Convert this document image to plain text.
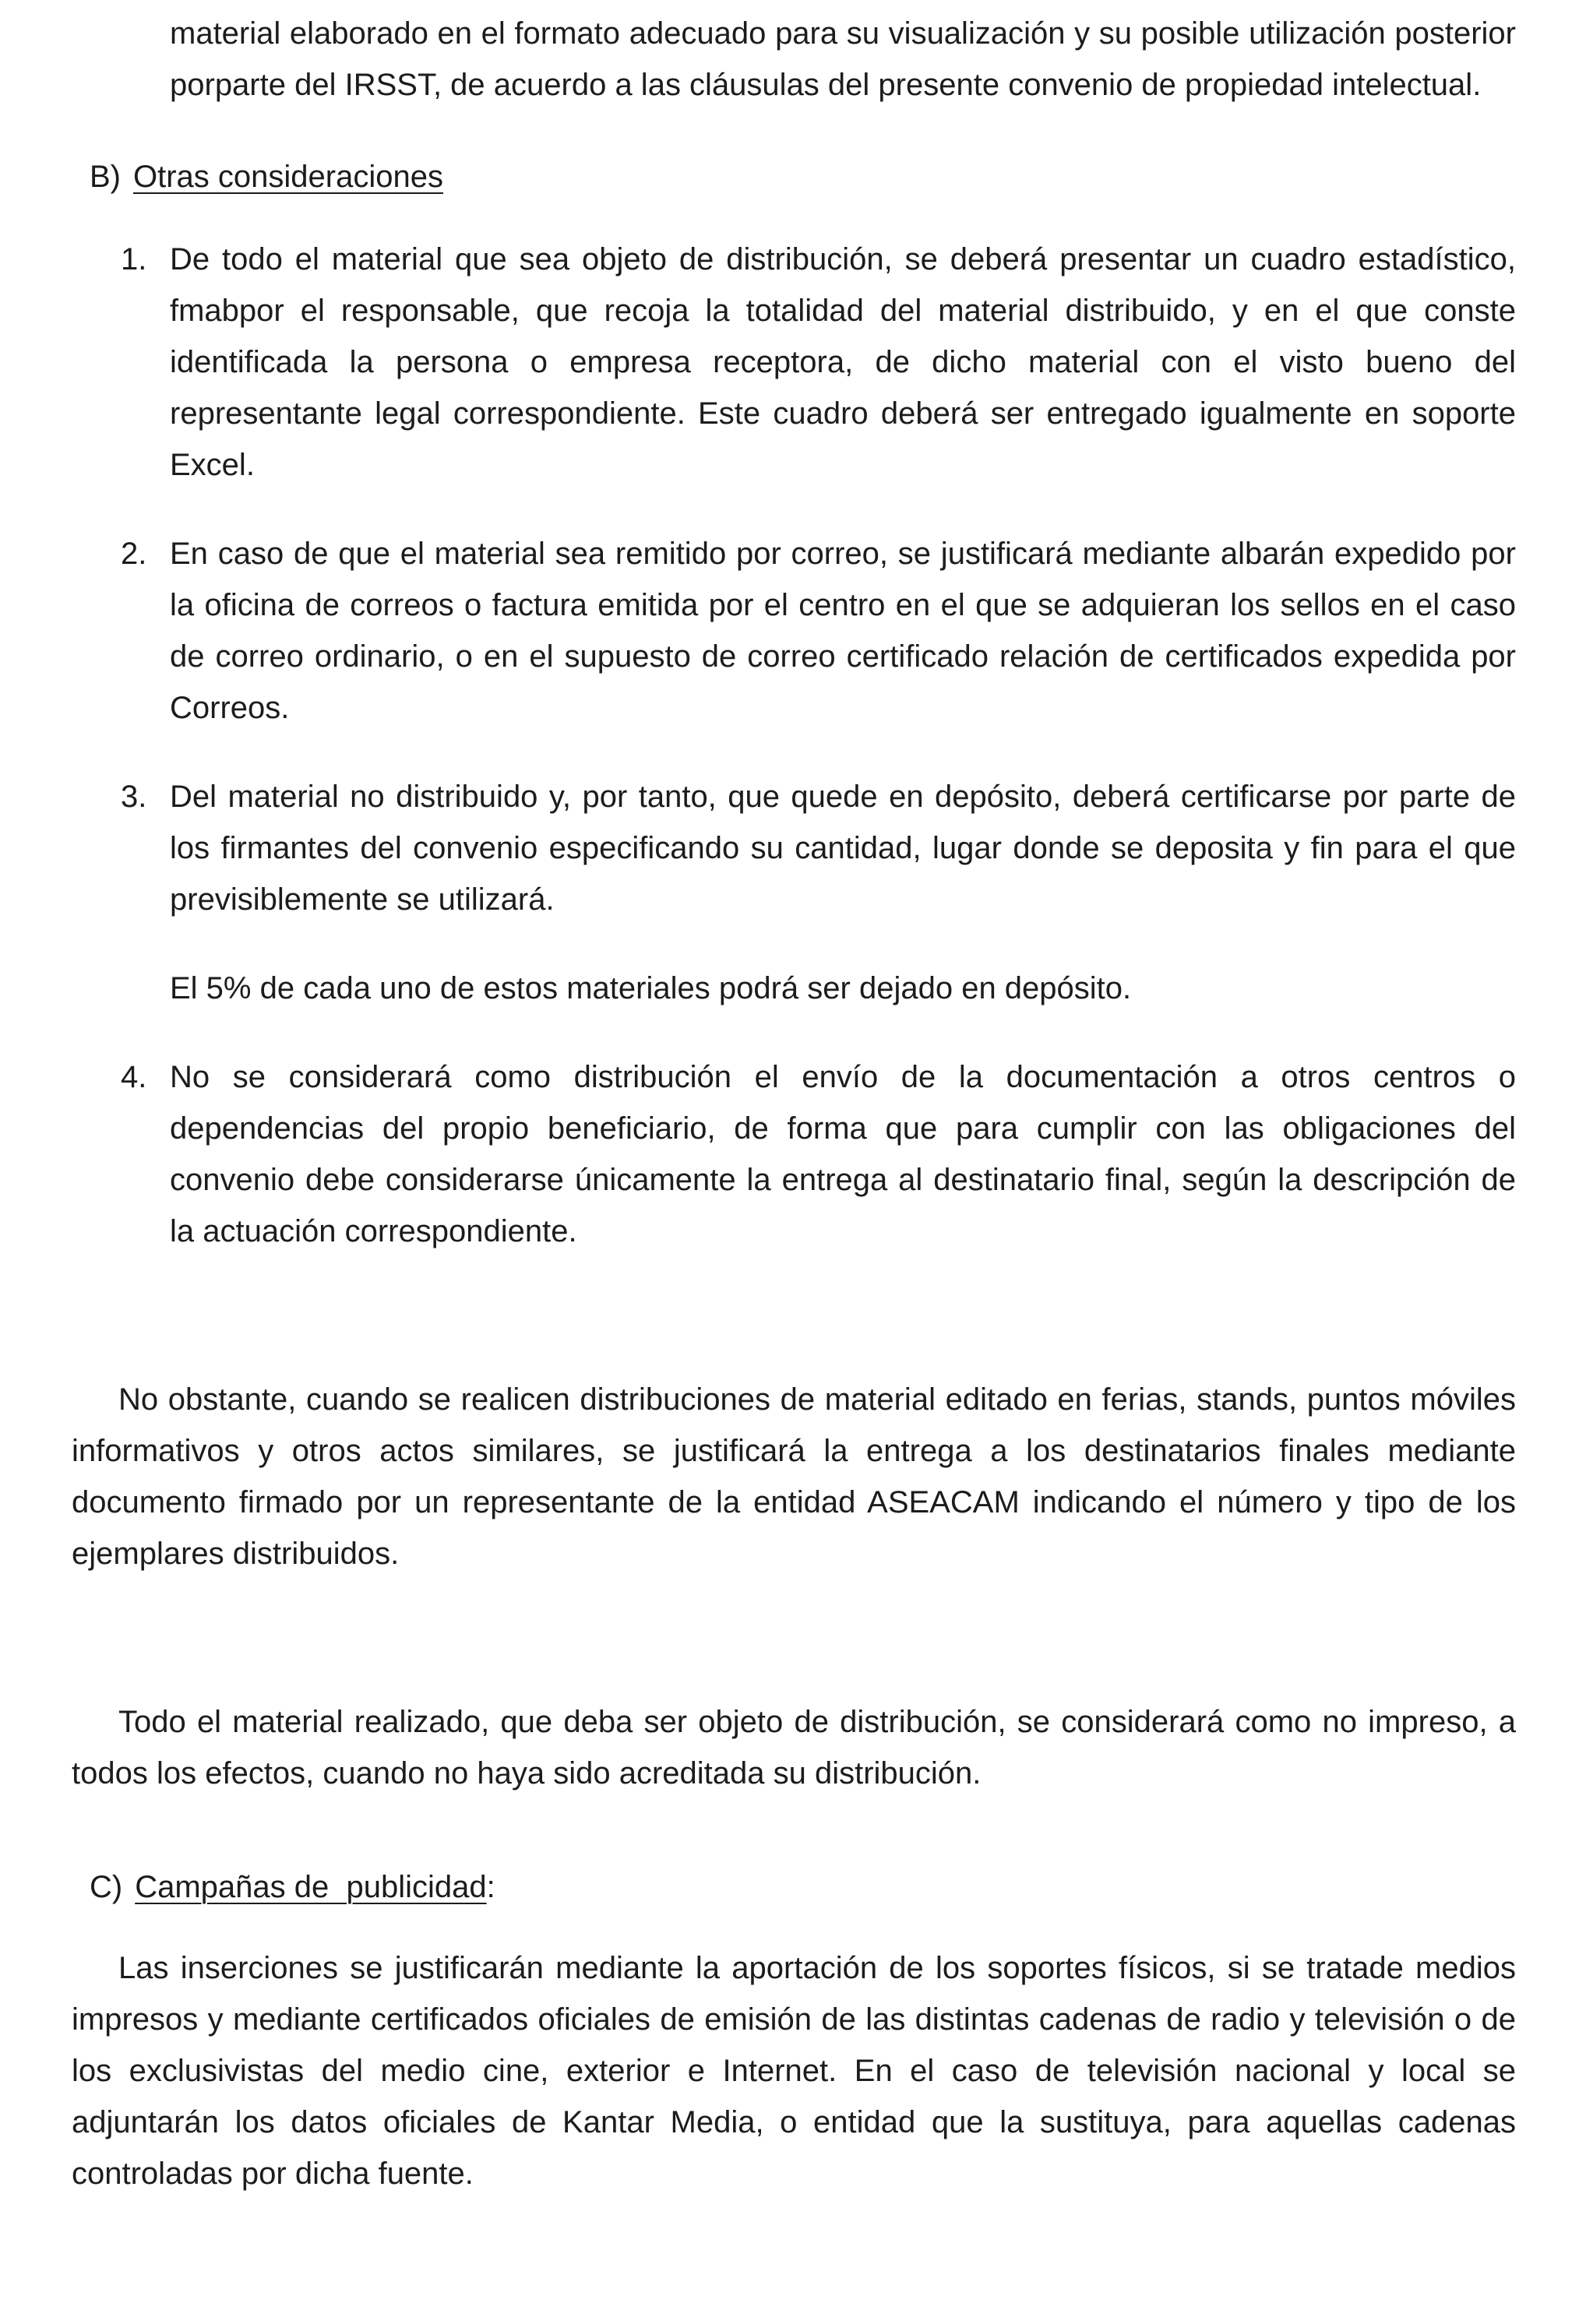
material elaborado en el formato adecuado para su visualización y su posible utilización posterior porparte del IRSST, de acuerdo a las cláusulas del presente convenio de propiedad intelectual.

B) Otras consideraciones
1. De todo el material que sea objeto de distribución, se deberá presentar un cuadro estadístico, fmabpor el responsable, que recoja la totalidad del material distribuido, y en el que conste identificada la persona o empresa receptora, de dicho material con el visto bueno del representante legal correspondiente. Este cuadro deberá ser entregado igualmente en soporte Excel.

2. En caso de que el material sea remitido por correo, se justificará mediante albarán expedido por la oficina de correos o factura emitida por el centro en el que se adquieran los sellos en el caso de correo ordinario, o en el supuesto de correo certificado relación de certificados expedida por Correos.

3. Del material no distribuido y, por tanto, que quede en depósito, deberá certificarse por parte de los firmantes del convenio especificando su cantidad, lugar donde se deposita y fin para el que previsiblemente se utilizará.

El 5% de cada uno de estos materiales podrá ser dejado en depósito.

4. No se considerará como distribución el envío de la documentación a otros centros o dependencias del propio beneficiario, de forma que para cumplir con las obligaciones del convenio debe considerarse únicamente la entrega al destinatario final, según la descripción de la actuación correspondiente.

No obstante, cuando se realicen distribuciones de material editado en ferias, stands, puntos móviles informativos y otros actos similares, se justificará la entrega a los destinatarios finales mediante documento firmado por un representante de la entidad ASEACAM indicando el número y tipo de los ejemplares distribuidos.

Todo el material realizado, que deba ser objeto de distribución, se considerará como no impreso, a todos los efectos, cuando no haya sido acreditada su distribución.

C) Campañas de  publicidad:

Las inserciones se justificarán mediante la aportación de los soportes físicos, si se tratade medios impresos y mediante certificados oficiales de emisión de las distintas cadenas de radio y televisión o de los exclusivistas del medio cine, exterior e Internet. En el caso de televisión nacional y local se adjuntarán los datos oficiales de Kantar Media, o entidad que la sustituya, para aquellas cadenas controladas por dicha fuente.
